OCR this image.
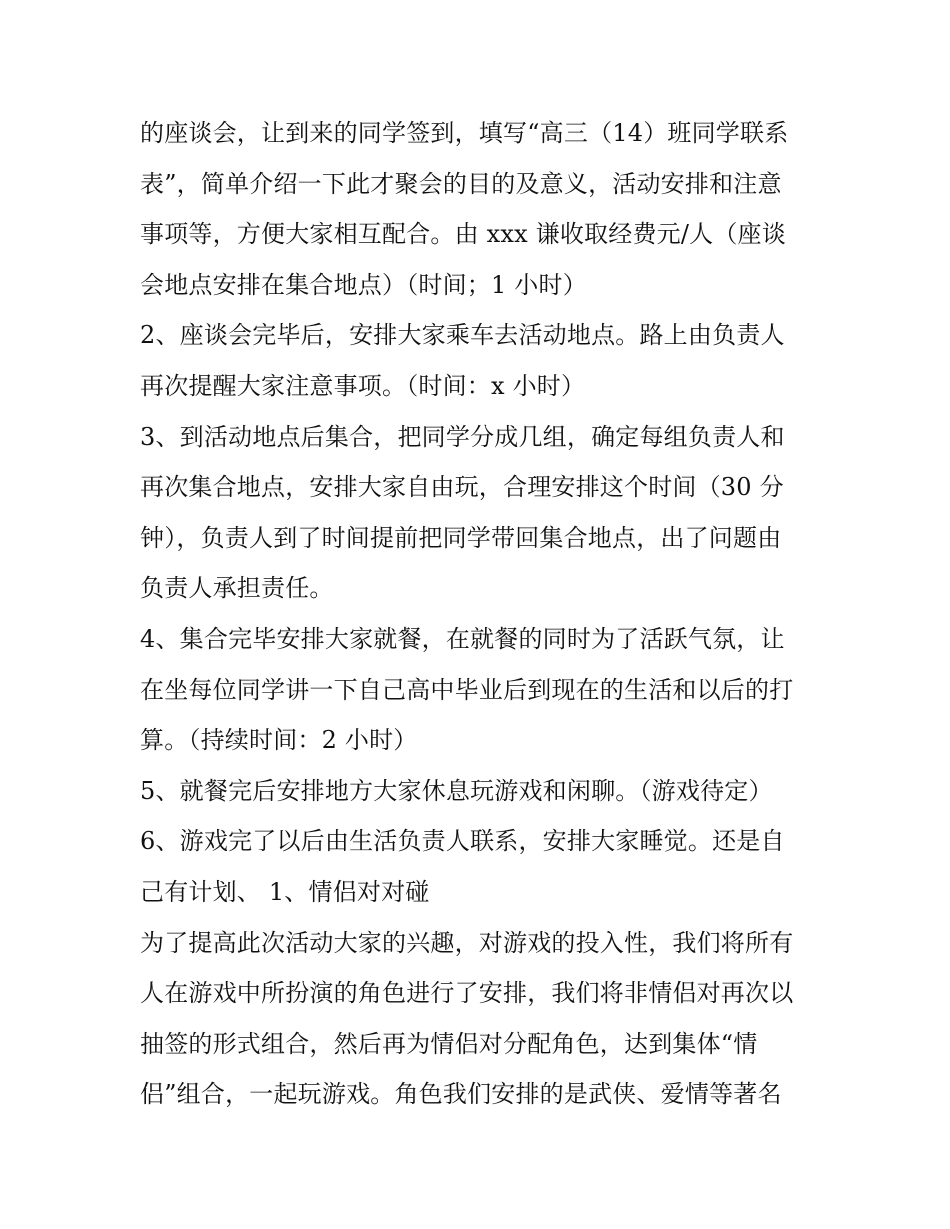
的座谈会，让到来的同学签到，填写“高三（14）班同学联系
表”，简单介绍一下此才聚会的目的及意义，活动安排和注意
事项等，方便大家相互配合。由 xxx 谦收取经费元/人（座谈
会地点安排在集合地点）（时间；1 小时）
2、座谈会完毕后，安排大家乘车去活动地点。路上由负责人
再次提醒大家注意事项。（时间：x 小时）
3、到活动地点后集合，把同学分成几组，确定每组负责人和
再次集合地点，安排大家自由玩，合理安排这个时间（30 分
钟），负责人到了时间提前把同学带回集合地点，出了问题由
负责人承担责任。
4、集合完毕安排大家就餐，在就餐的同时为了活跃气氛，让
在坐每位同学讲一下自己高中毕业后到现在的生活和以后的打
算。（持续时间：2 小时）
5、就餐完后安排地方大家休息玩游戏和闲聊。（游戏待定）
6、游戏完了以后由生活负责人联系，安排大家睡觉。还是自
己有计划、 1、情侣对对碰
为了提高此次活动大家的兴趣，对游戏的投入性，我们将所有
人在游戏中所扮演的角色进行了安排，我们将非情侣对再次以
抽签的形式组合，然后再为情侣对分配角色，达到集体“情
侣”组合，一起玩游戏。角色我们安排的是武侠、爱情等著名
